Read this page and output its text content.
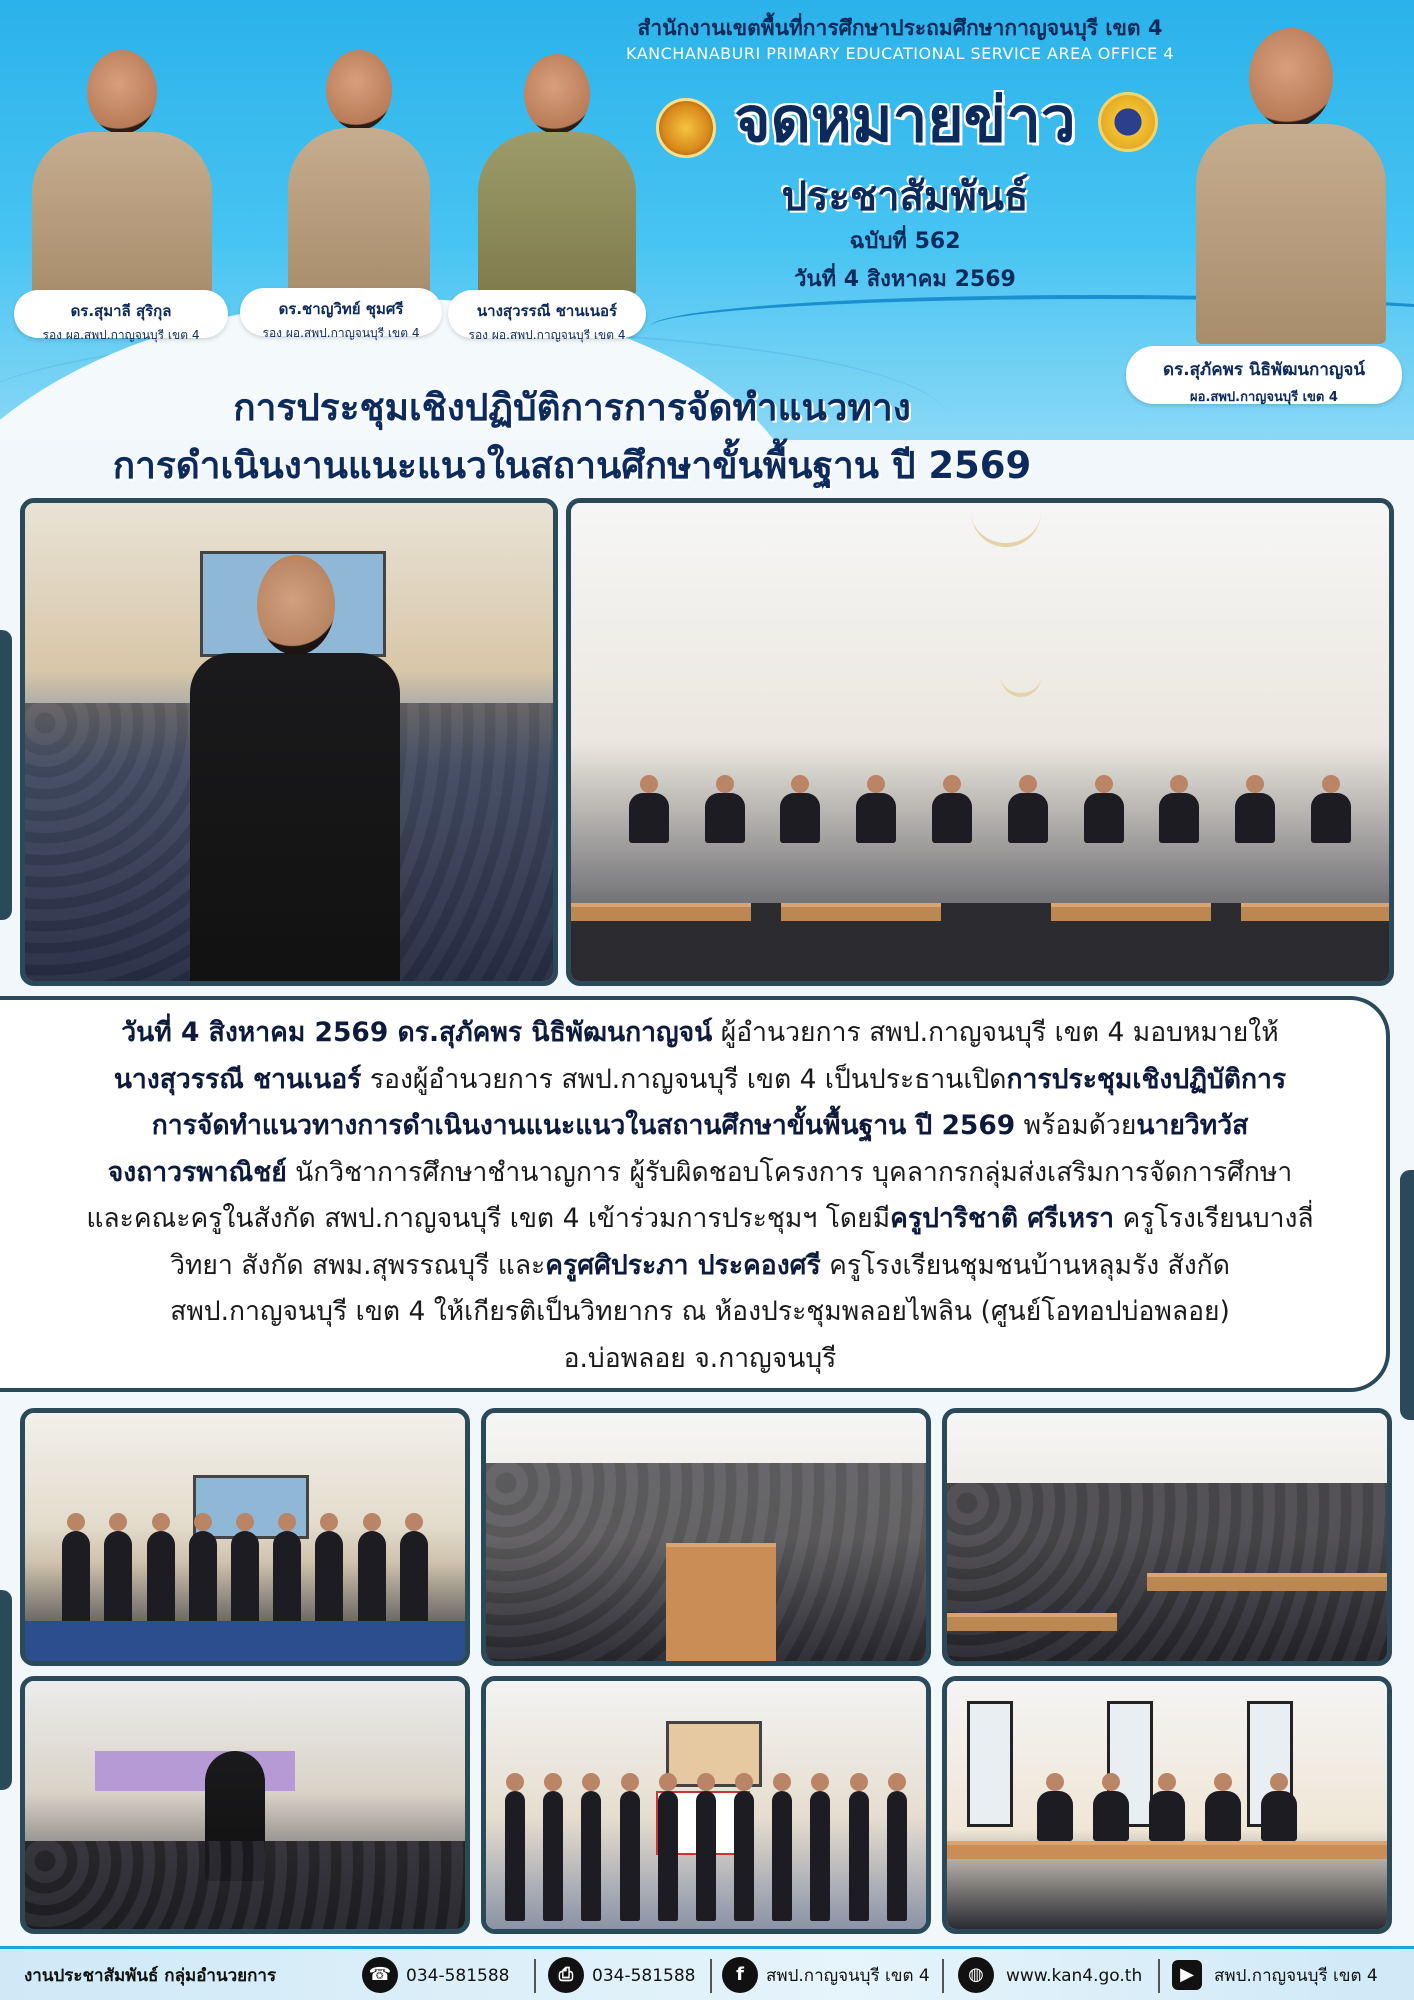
สำนักงานเขตพื้นที่การศึกษาประถมศึกษากาญจนบุรี เขต 4
KANCHANABURI PRIMARY EDUCATIONAL SERVICE AREA OFFICE 4
จดหมายข่าว
ประชาสัมพันธ์
ฉบับที่ 562
วันที่ 4 สิงหาคม 2569
ดร.สุมาลี สุริกุล
รอง ผอ.สพป.กาญจนบุรี เขต 4
ดร.ชาญวิทย์ ชุมศรี
รอง ผอ.สพป.กาญจนบุรี เขต 4
นางสุวรรณี ชานเนอร์
รอง ผอ.สพป.กาญจนบุรี เขต 4
ดร.สุภัคพร นิธิพัฒนกาญจน์
ผอ.สพป.กาญจนบุรี เขต 4
การประชุมเชิงปฏิบัติการการจัดทำแนวทาง
การดำเนินงานแนะแนวในสถานศึกษาขั้นพื้นฐาน ปี 2569
วันที่ 4 สิงหาคม 2569 ดร.สุภัคพร นิธิพัฒนกาญจน์ ผู้อำนวยการ สพป.กาญจนบุรี เขต 4 มอบหมายให้
นางสุวรรณี ชานเนอร์ รองผู้อำนวยการ สพป.กาญจนบุรี เขต 4 เป็นประธานเปิดการประชุมเชิงปฏิบัติการ
การจัดทำแนวทางการดำเนินงานแนะแนวในสถานศึกษาขั้นพื้นฐาน ปี 2569 พร้อมด้วยนายวิทวัส
จงถาวรพาณิชย์ นักวิชาการศึกษาชำนาญการ ผู้รับผิดชอบโครงการ บุคลากรกลุ่มส่งเสริมการจัดการศึกษา
และคณะครูในสังกัด สพป.กาญจนบุรี เขต 4 เข้าร่วมการประชุมฯ โดยมีครูปาริชาติ ศรีเหรา ครูโรงเรียนบางลี่
วิทยา สังกัด สพม.สุพรรณบุรี และครูศศิประภา ประคองศรี ครูโรงเรียนชุมชนบ้านหลุมรัง สังกัด
สพป.กาญจนบุรี เขต 4 ให้เกียรติเป็นวิทยากร ณ ห้องประชุมพลอยไพลิน (ศูนย์โอทอปบ่อพลอย)
อ.บ่อพลอย จ.กาญจนบุรี
งานประชาสัมพันธ์ กลุ่มอำนวยการ	☎ 034-581588	⎙	034-581588	f	สพป.กาญจนบุรี เขต 4	◍	www.kan4.go.th	▶	สพป.กาญจนบุรี เขต 4
